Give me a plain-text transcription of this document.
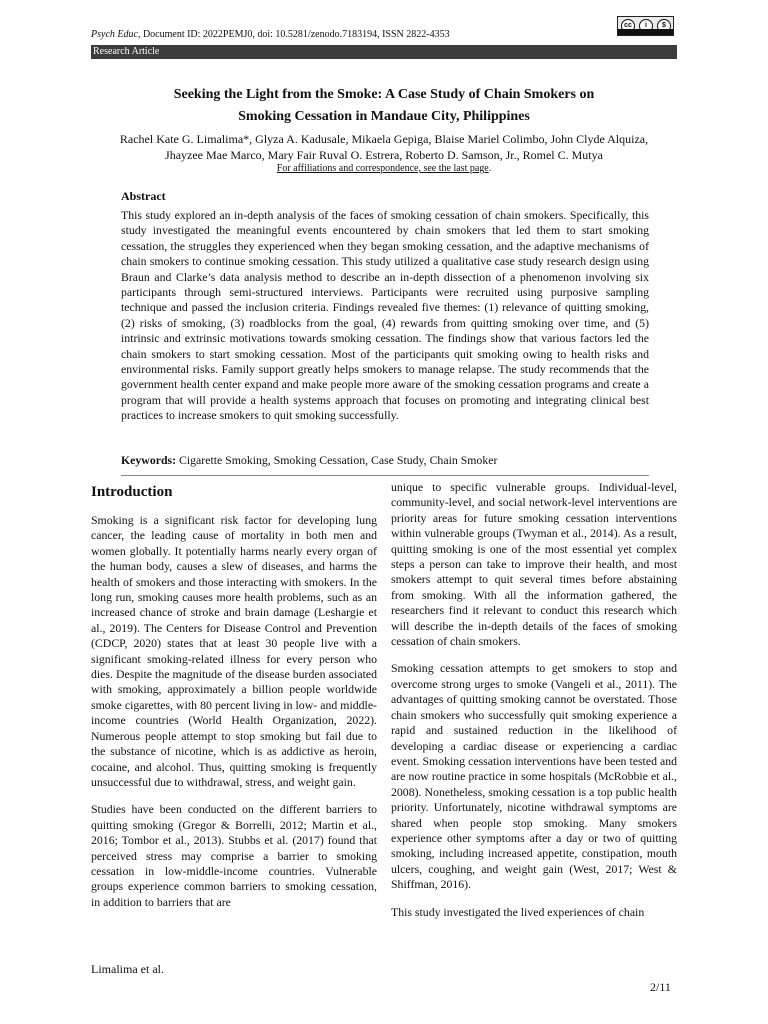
Psych Educ, Document ID: 2022PEMJ0, doi: 10.5281/zenodo.7183194, ISSN 2822-4353
cc	i	$
Research Article
Seeking the Light from the Smoke: A Case Study of Chain Smokers on
Smoking Cessation in Mandaue City, Philippines
Rachel Kate G. Limalima*, Glyza A. Kadusale, Mikaela Gepiga, Blaise Mariel Colimbo, John Clyde Alquiza,
Jhayzee Mae Marco, Mary Fair Ruval O. Estrera, Roberto D. Samson, Jr., Romel C. Mutya
For affiliations and correspondence, see the last page.
Abstract
This study explored an in-depth analysis of the faces of smoking cessation of chain smokers. Specifically, this study investigated the meaningful events encountered by chain smokers that led them to start smoking cessation, the struggles they experienced when they began smoking cessation, and the adaptive mechanisms of chain smokers to continue smoking cessation. This study utilized a qualitative case study research design using Braun and Clarke’s data analysis method to describe an in-depth dissection of a phenomenon involving six participants through semi-structured interviews. Participants were recruited using purposive sampling technique and passed the inclusion criteria. Findings revealed five themes: (1) relevance of quitting smoking, (2) risks of smoking, (3) roadblocks from the goal, (4) rewards from quitting smoking over time, and (5) intrinsic and extrinsic motivations towards smoking cessation. The findings show that various factors led the chain smokers to start smoking cessation. Most of the participants quit smoking owing to health risks and environmental risks. Family support greatly helps smokers to manage relapse. The study recommends that the government health center expand and make people more aware of the smoking cessation programs and create a program that will provide a health systems approach that focuses on promoting and integrating clinical best practices to increase smokers to quit smoking successfully.
Keywords: Cigarette Smoking, Smoking Cessation, Case Study, Chain Smoker
Introduction

Smoking is a significant risk factor for developing lung cancer, the leading cause of mortality in both men and women globally. It potentially harms nearly every organ of the human body, causes a slew of diseases, and harms the health of smokers and those interacting with smokers. In the long run, smoking causes more health problems, such as an increased chance of stroke and brain damage (Leshargie et al., 2019). The Centers for Disease Control and Prevention (CDCP, 2020) states that at least 30 people live with a significant smoking-related illness for every person who dies. Despite the magnitude of the disease burden associated with smoking, approximately a billion people worldwide smoke cigarettes, with 80 percent living in low- and middle-income countries (World Health Organization, 2022). Numerous people attempt to stop smoking but fail due to the substance of nicotine, which is as addictive as heroin, cocaine, and alcohol. Thus, quitting smoking is frequently unsuccessful due to withdrawal, stress, and weight gain.

Studies have been conducted on the different barriers to quitting smoking (Gregor & Borrelli, 2012; Martin et al., 2016; Tombor et al., 2013). Stubbs et al. (2017) found that perceived stress may comprise a barrier to smoking cessation in low-middle-income countries. Vulnerable groups experience common barriers to smoking cessation, in addition to barriers that are

unique to specific vulnerable groups. Individual-level, community-level, and social network-level interventions are priority areas for future smoking cessation interventions within vulnerable groups (Twyman et al., 2014). As a result, quitting smoking is one of the most essential yet complex steps a person can take to improve their health, and most smokers attempt to quit several times before abstaining from smoking. With all the information gathered, the researchers find it relevant to conduct this research which will describe the in-depth details of the faces of smoking cessation of chain smokers.

Smoking cessation attempts to get smokers to stop and overcome strong urges to smoke (Vangeli et al., 2011). The advantages of quitting smoking cannot be overstated. Those chain smokers who successfully quit smoking experience a rapid and sustained reduction in the likelihood of developing a cardiac disease or experiencing a cardiac event. Smoking cessation interventions have been tested and are now routine practice in some hospitals (McRobbie et al., 2008). Nonetheless, smoking cessation is a top public health priority. Unfortunately, nicotine withdrawal symptoms are shared when people stop smoking. Many smokers experience other symptoms after a day or two of quitting smoking, including increased appetite, constipation, mouth ulcers, coughing, and weight gain (West, 2017; West & Shiffman, 2016).

This study investigated the lived experiences of chain

Limalima et al.
2/11
